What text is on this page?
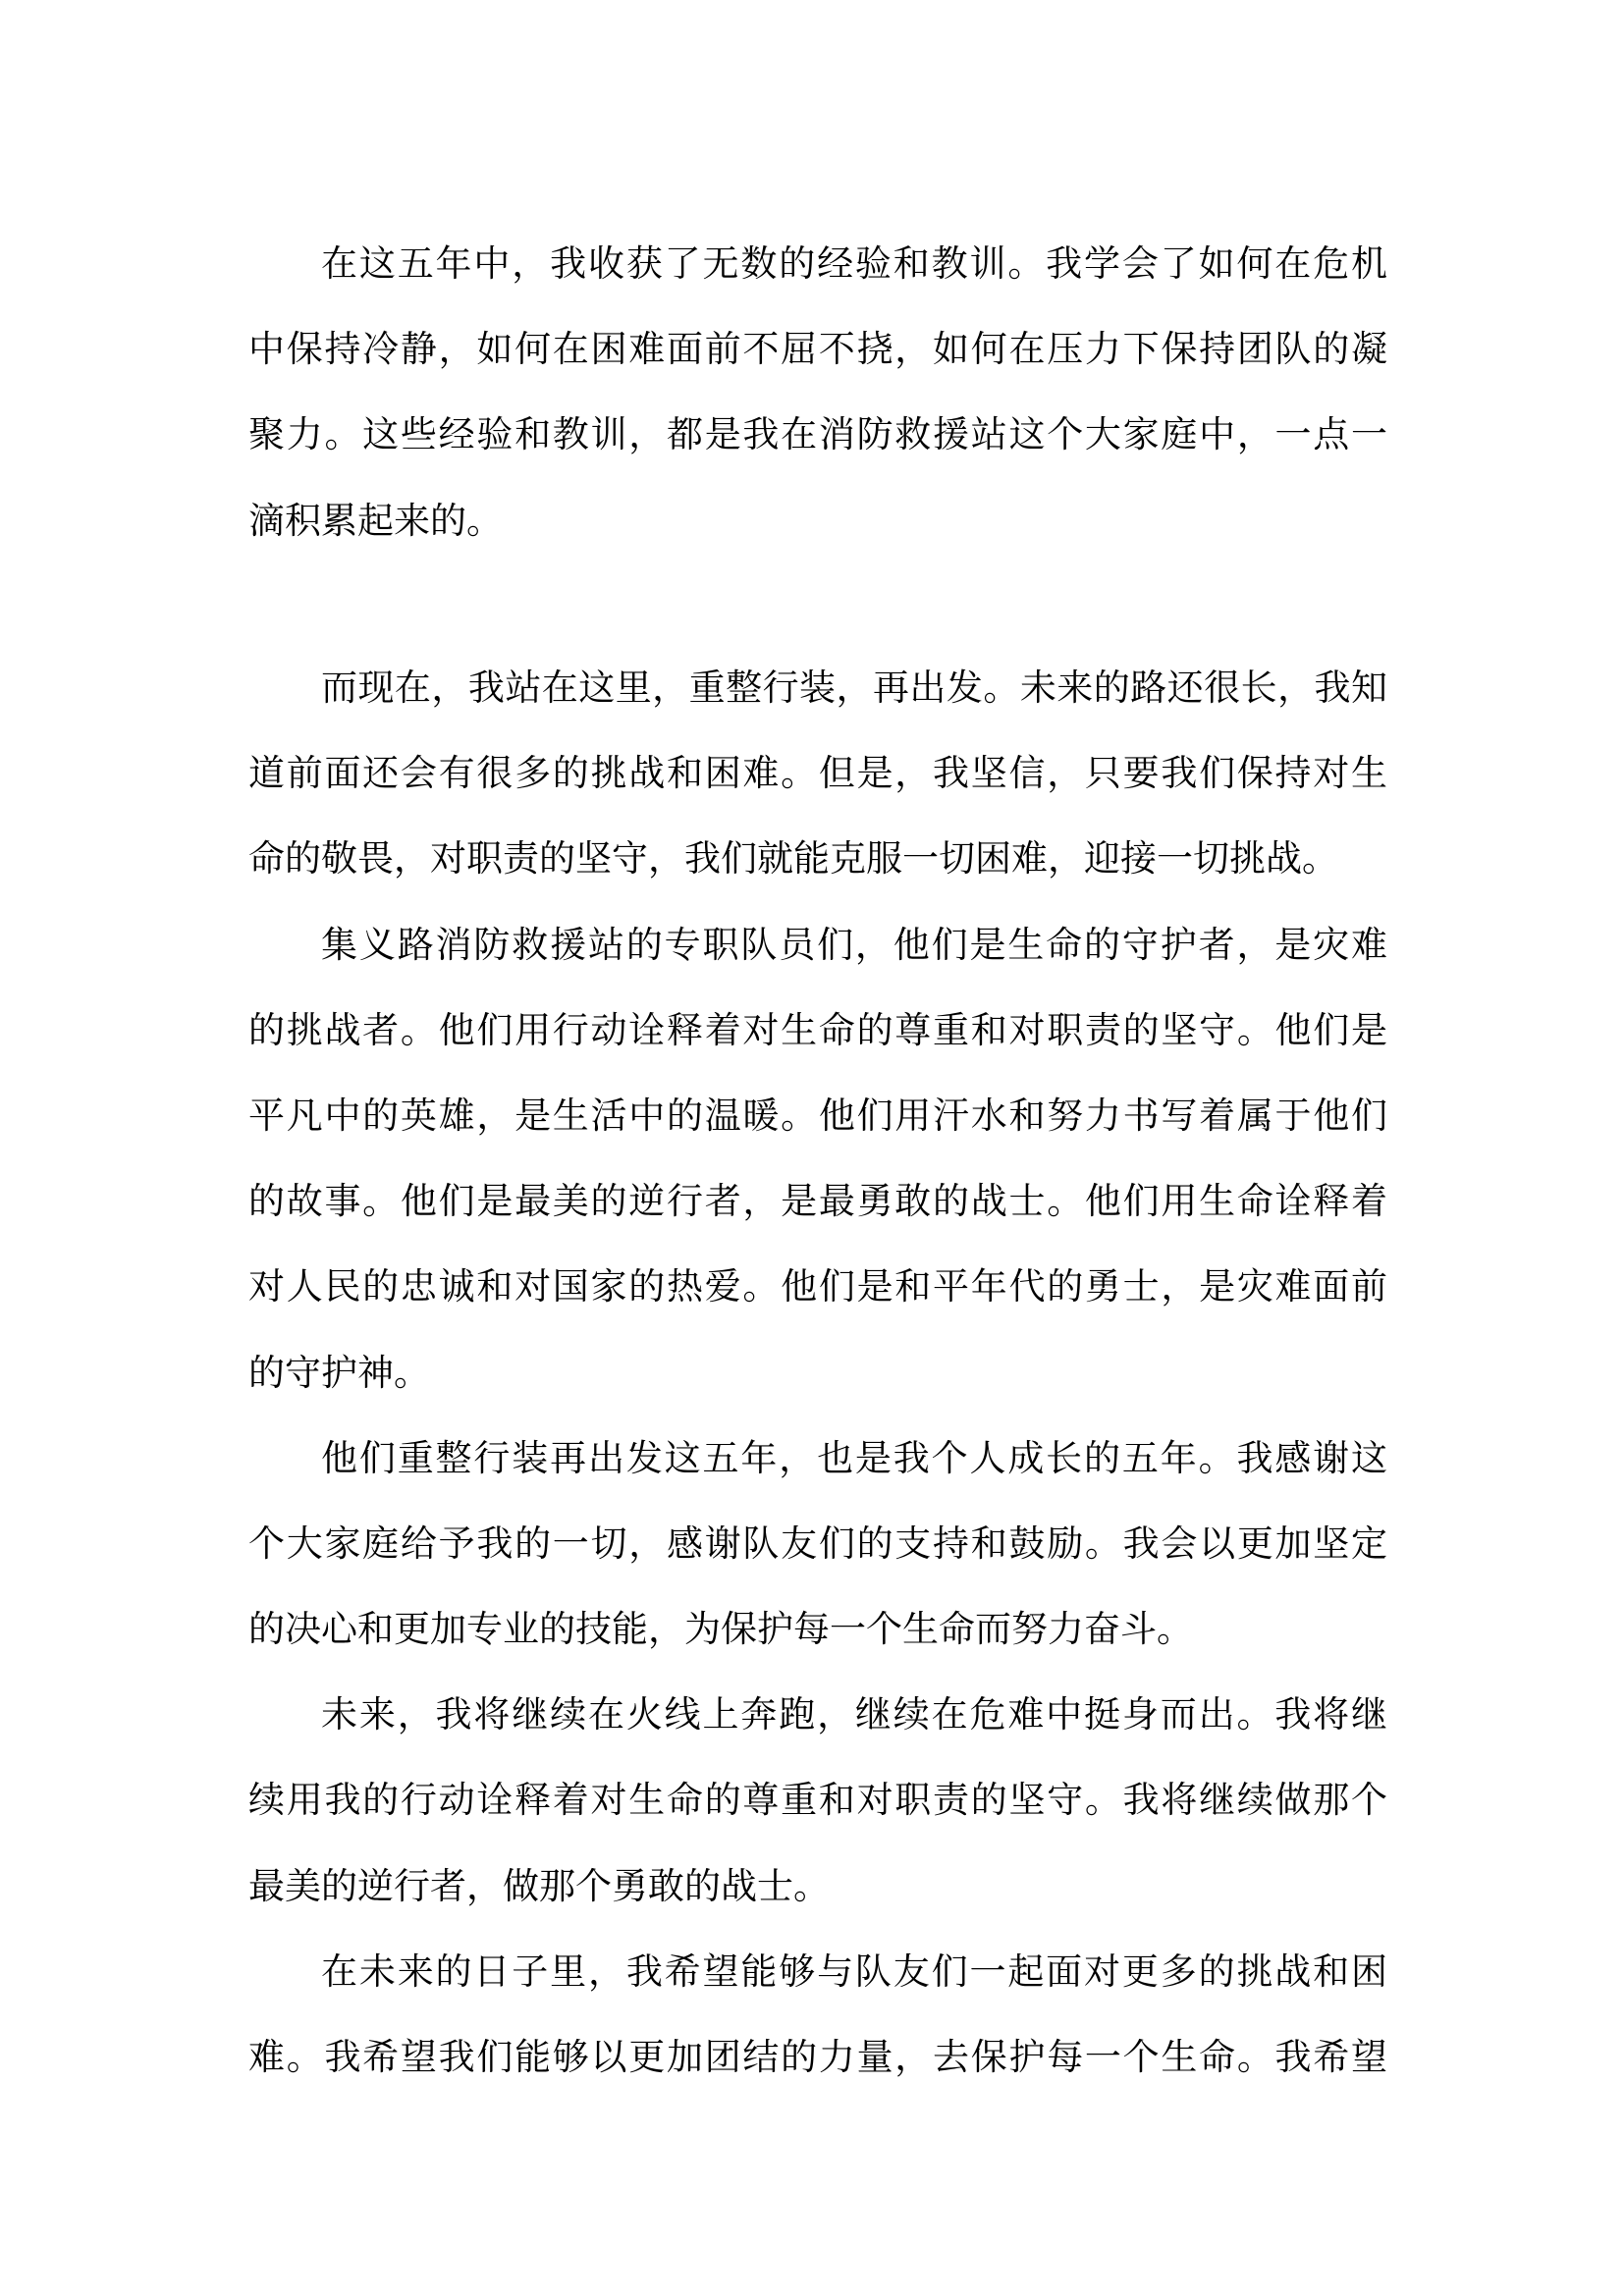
在这五年中，我收获了无数的经验和教训。我学会了如何在危机
中保持冷静，如何在困难面前不屈不挠，如何在压力下保持团队的凝
聚力。这些经验和教训，都是我在消防救援站这个大家庭中，一点一
滴积累起来的。
而现在，我站在这里，重整行装，再出发。未来的路还很长，我知
道前面还会有很多的挑战和困难。但是，我坚信，只要我们保持对生
命的敬畏，对职责的坚守，我们就能克服一切困难，迎接一切挑战。
集义路消防救援站的专职队员们，他们是生命的守护者，是灾难
的挑战者。他们用行动诠释着对生命的尊重和对职责的坚守。他们是
平凡中的英雄，是生活中的温暖。他们用汗水和努力书写着属于他们
的故事。他们是最美的逆行者，是最勇敢的战士。他们用生命诠释着
对人民的忠诚和对国家的热爱。他们是和平年代的勇士，是灾难面前
的守护神。
他们重整行装再出发这五年，也是我个人成长的五年。我感谢这
个大家庭给予我的一切，感谢队友们的支持和鼓励。我会以更加坚定
的决心和更加专业的技能，为保护每一个生命而努力奋斗。
未来，我将继续在火线上奔跑，继续在危难中挺身而出。我将继
续用我的行动诠释着对生命的尊重和对职责的坚守。我将继续做那个
最美的逆行者，做那个勇敢的战士。
在未来的日子里，我希望能够与队友们一起面对更多的挑战和困
难。我希望我们能够以更加团结的力量，去保护每一个生命。我希望
